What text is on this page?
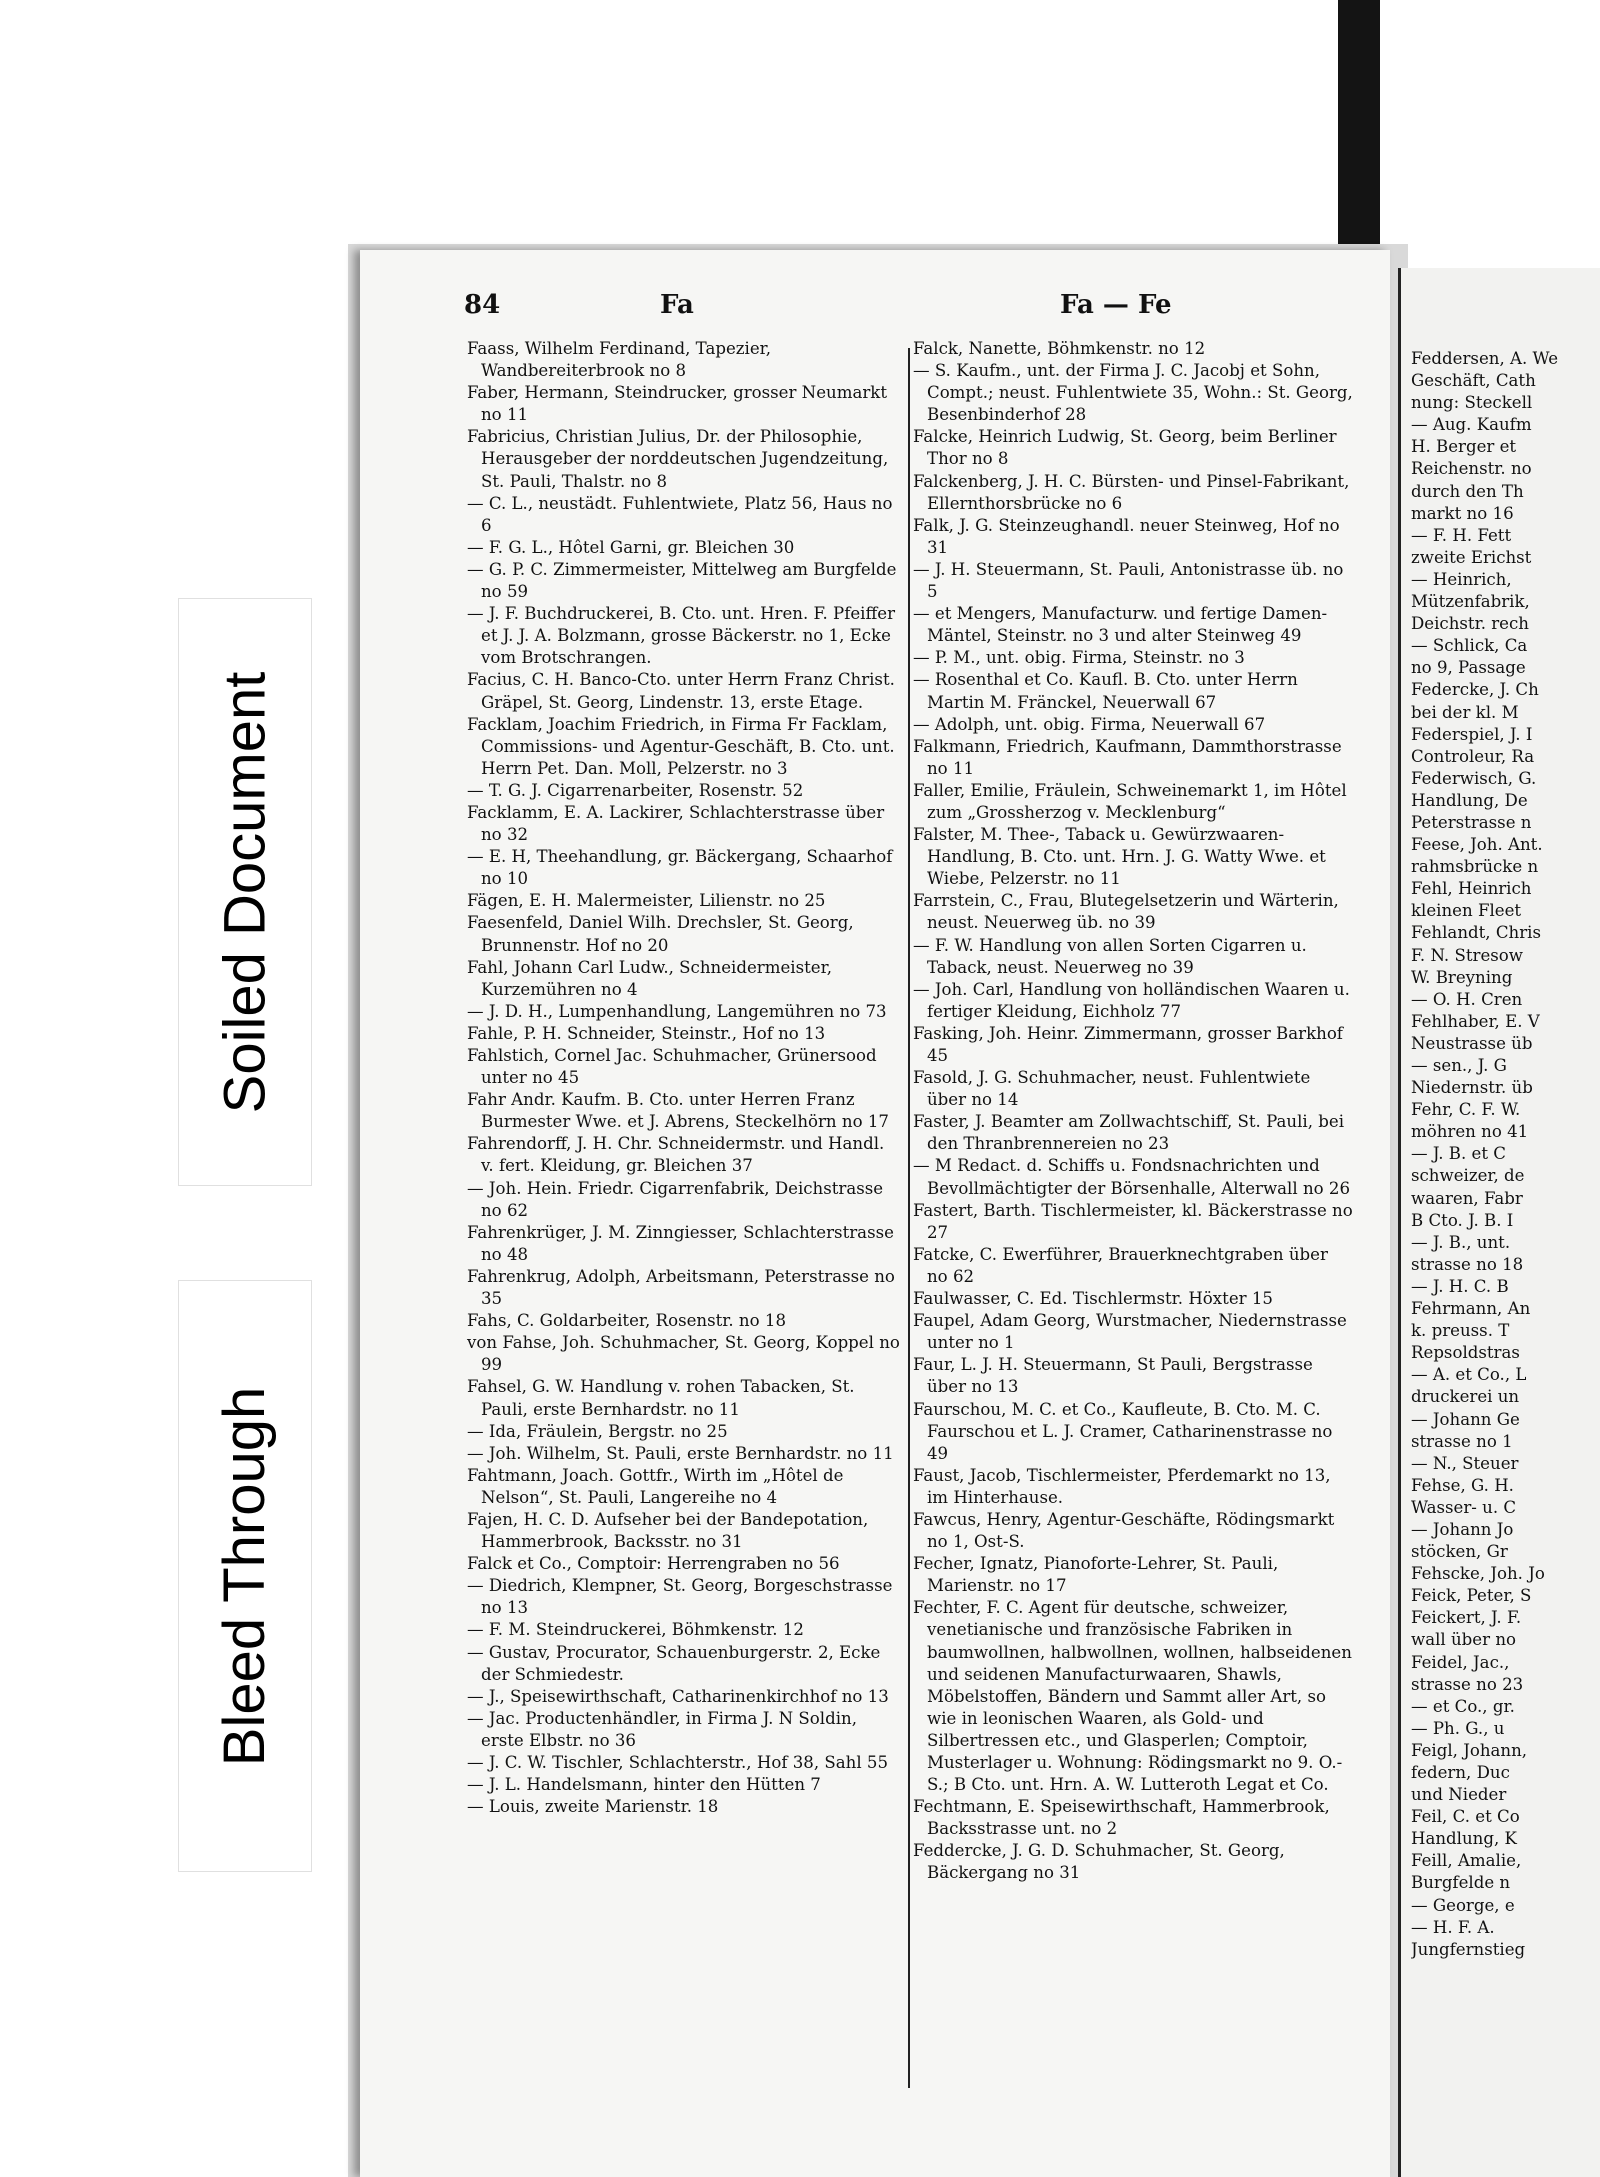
84	Fa	Fa — Fe
Faass, Wilhelm Ferdinand, Tapezier, Wandbereiterbrook no 8
Faber, Hermann, Steindrucker, grosser Neumarkt no 11
Fabricius, Christian Julius, Dr. der Philosophie, Herausgeber der norddeutschen Jugendzeitung, St. Pauli, Thalstr. no 8
— C. L., neustädt. Fuhlentwiete, Platz 56, Haus no 6
— F. G. L., Hôtel Garni, gr. Bleichen 30
— G. P. C. Zimmermeister, Mittelweg am Burgfelde no 59
— J. F. Buchdruckerei, B. Cto. unt. Hren. F. Pfeiffer et J. J. A. Bolzmann, grosse Bäckerstr. no 1, Ecke vom Brotschrangen.
Facius, C. H. Banco-Cto. unter Herrn Franz Christ. Gräpel, St. Georg, Lindenstr. 13, erste Etage.
Facklam, Joachim Friedrich, in Firma Fr Facklam, Commissions- und Agentur-Geschäft, B. Cto. unt. Herrn Pet. Dan. Moll, Pelzerstr. no 3
— T. G. J. Cigarrenarbeiter, Rosenstr. 52
Facklamm, E. A. Lackirer, Schlachterstrasse über no 32
— E. H, Theehandlung, gr. Bäckergang, Schaarhof no 10
Fägen, E. H. Malermeister, Lilienstr. no 25
Faesenfeld, Daniel Wilh. Drechsler, St. Georg, Brunnenstr. Hof no 20
Fahl, Johann Carl Ludw., Schneidermeister, Kurzemühren no 4
— J. D. H., Lumpenhandlung, Langemühren no 73
Fahle, P. H. Schneider, Steinstr., Hof no 13
Fahlstich, Cornel Jac. Schuhmacher, Grünersood unter no 45
Fahr Andr. Kaufm. B. Cto. unter Herren Franz Burmester Wwe. et J. Abrens, Steckelhörn no 17
Fahrendorff, J. H. Chr. Schneidermstr. und Handl. v. fert. Kleidung, gr. Bleichen 37
— Joh. Hein. Friedr. Cigarrenfabrik, Deichstrasse no 62
Fahrenkrüger, J. M. Zinngiesser, Schlachterstrasse no 48
Fahrenkrug, Adolph, Arbeitsmann, Peterstrasse no 35
Fahs, C. Goldarbeiter, Rosenstr. no 18
von Fahse, Joh. Schuhmacher, St. Georg, Koppel no 99
Fahsel, G. W. Handlung v. rohen Tabacken, St. Pauli, erste Bernhardstr. no 11
— Ida, Fräulein, Bergstr. no 25
— Joh. Wilhelm, St. Pauli, erste Bernhardstr. no 11
Fahtmann, Joach. Gottfr., Wirth im „Hôtel de Nelson“, St. Pauli, Langereihe no 4
Fajen, H. C. D. Aufseher bei der Bandepotation, Hammerbrook, Backsstr. no 31
Falck et Co., Comptoir: Herrengraben no 56
— Diedrich, Klempner, St. Georg, Borgeschstrasse no 13
— F. M. Steindruckerei, Böhmkenstr. 12
— Gustav, Procurator, Schauenburgerstr. 2, Ecke der Schmiedestr.
— J., Speisewirthschaft, Catharinenkirchhof no 13
— Jac. Productenhändler, in Firma J. N Soldin, erste Elbstr. no 36
— J. C. W. Tischler, Schlachterstr., Hof 38, Sahl 55
— J. L. Handelsmann, hinter den Hütten 7
— Louis, zweite Marienstr. 18
Falck, Nanette, Böhmkenstr. no 12
— S. Kaufm., unt. der Firma J. C. Jacobj et Sohn, Compt.; neust. Fuhlentwiete 35, Wohn.: St. Georg, Besenbinderhof 28
Falcke, Heinrich Ludwig, St. Georg, beim Berliner Thor no 8
Falckenberg, J. H. C. Bürsten- und Pinsel-Fabrikant, Ellernthorsbrücke no 6
Falk, J. G. Steinzeughandl. neuer Steinweg, Hof no 31
— J. H. Steuermann, St. Pauli, Antonistrasse üb. no 5
— et Mengers, Manufacturw. und fertige Damen-Mäntel, Steinstr. no 3 und alter Steinweg 49
— P. M., unt. obig. Firma, Steinstr. no 3
— Rosenthal et Co. Kaufl. B. Cto. unter Herrn Martin M. Fränckel, Neuerwall 67
— Adolph, unt. obig. Firma, Neuerwall 67
Falkmann, Friedrich, Kaufmann, Dammthorstrasse no 11
Faller, Emilie, Fräulein, Schweinemarkt 1, im Hôtel zum „Grossherzog v. Mecklenburg“
Falster, M. Thee-, Taback u. Gewürzwaaren-Handlung, B. Cto. unt. Hrn. J. G. Watty Wwe. et Wiebe, Pelzerstr. no 11
Farrstein, C., Frau, Blutegelsetzerin und Wärterin, neust. Neuerweg üb. no 39
— F. W. Handlung von allen Sorten Cigarren u. Taback, neust. Neuerweg no 39
— Joh. Carl, Handlung von holländischen Waaren u. fertiger Kleidung, Eichholz 77
Fasking, Joh. Heinr. Zimmermann, grosser Barkhof 45
Fasold, J. G. Schuhmacher, neust. Fuhlentwiete über no 14
Faster, J. Beamter am Zollwachtschiff, St. Pauli, bei den Thranbrennereien no 23
— M Redact. d. Schiffs u. Fondsnachrichten und Bevollmächtigter der Börsenhalle, Alterwall no 26
Fastert, Barth. Tischlermeister, kl. Bäckerstrasse no 27
Fatcke, C. Ewerführer, Brauerknechtgraben über no 62
Faulwasser, C. Ed. Tischlermstr. Höxter 15
Faupel, Adam Georg, Wurstmacher, Niedernstrasse unter no 1
Faur, L. J. H. Steuermann, St Pauli, Bergstrasse über no 13
Faurschou, M. C. et Co., Kaufleute, B. Cto. M. C. Faurschou et L. J. Cramer, Catharinenstrasse no 49
Faust, Jacob, Tischlermeister, Pferdemarkt no 13, im Hinterhause.
Fawcus, Henry, Agentur-Geschäfte, Rödingsmarkt no 1, Ost-S.
Fecher, Ignatz, Pianoforte-Lehrer, St. Pauli, Marienstr. no 17
Fechter, F. C. Agent für deutsche, schweizer, venetianische und französische Fabriken in baumwollnen, halbwollnen, wollnen, halbseidenen und seidenen Manufacturwaaren, Shawls, Möbelstoffen, Bändern und Sammt aller Art, so wie in leonischen Waaren, als Gold- und Silbertressen etc., und Glasperlen; Comptoir, Musterlager u. Wohnung: Rödingsmarkt no 9. O.-S.; B Cto. unt. Hrn. A. W. Lutteroth Legat et Co.
Fechtmann, E. Speisewirthschaft, Hammerbrook, Backsstrasse unt. no 2
Feddercke, J. G. D. Schuhmacher, St. Georg, Bäckergang no 31
Feddersen, A. We
Geschäft, Cath
nung: Steckell
— Aug. Kaufm
H. Berger et
Reichenstr. no
durch den Th
markt no 16
— F. H. Fett
zweite Erichst
— Heinrich,
Mützenfabrik,
Deichstr. rech
— Schlick, Ca
no 9, Passage
Federcke, J. Ch
bei der kl. M
Federspiel, J. I
Controleur, Ra
Federwisch, G.
Handlung, De
Peterstrasse n
Feese, Joh. Ant.
rahmsbrücke n
Fehl, Heinrich
kleinen Fleet
Fehlandt, Chris
F. N. Stresow
W. Breyning
— O. H. Cren
Fehlhaber, E. V
Neustrasse üb
— sen., J. G
Niedernstr. üb
Fehr, C. F. W.
möhren no 41
— J. B. et C
schweizer, de
waaren, Fabr
B Cto. J. B. I
— J. B., unt.
strasse no 18
— J. H. C. B
Fehrmann, An
k. preuss. T
Repsoldstras
— A. et Co., L
druckerei un
— Johann Ge
strasse no 1
— N., Steuer
Fehse, G. H.
Wasser- u. C
— Johann Jo
stöcken, Gr
Fehscke, Joh. Jo
Feick, Peter, S
Feickert, J. F.
wall über no
Feidel, Jac.,
strasse no 23
— et Co., gr.
— Ph. G., u
Feigl, Johann,
federn, Duc
und Nieder
Feil, C. et Co
Handlung, K
Feill, Amalie,
Burgfelde n
— George, e
— H. F. A.
Jungfernstieg
Soiled Document
Bleed Through
